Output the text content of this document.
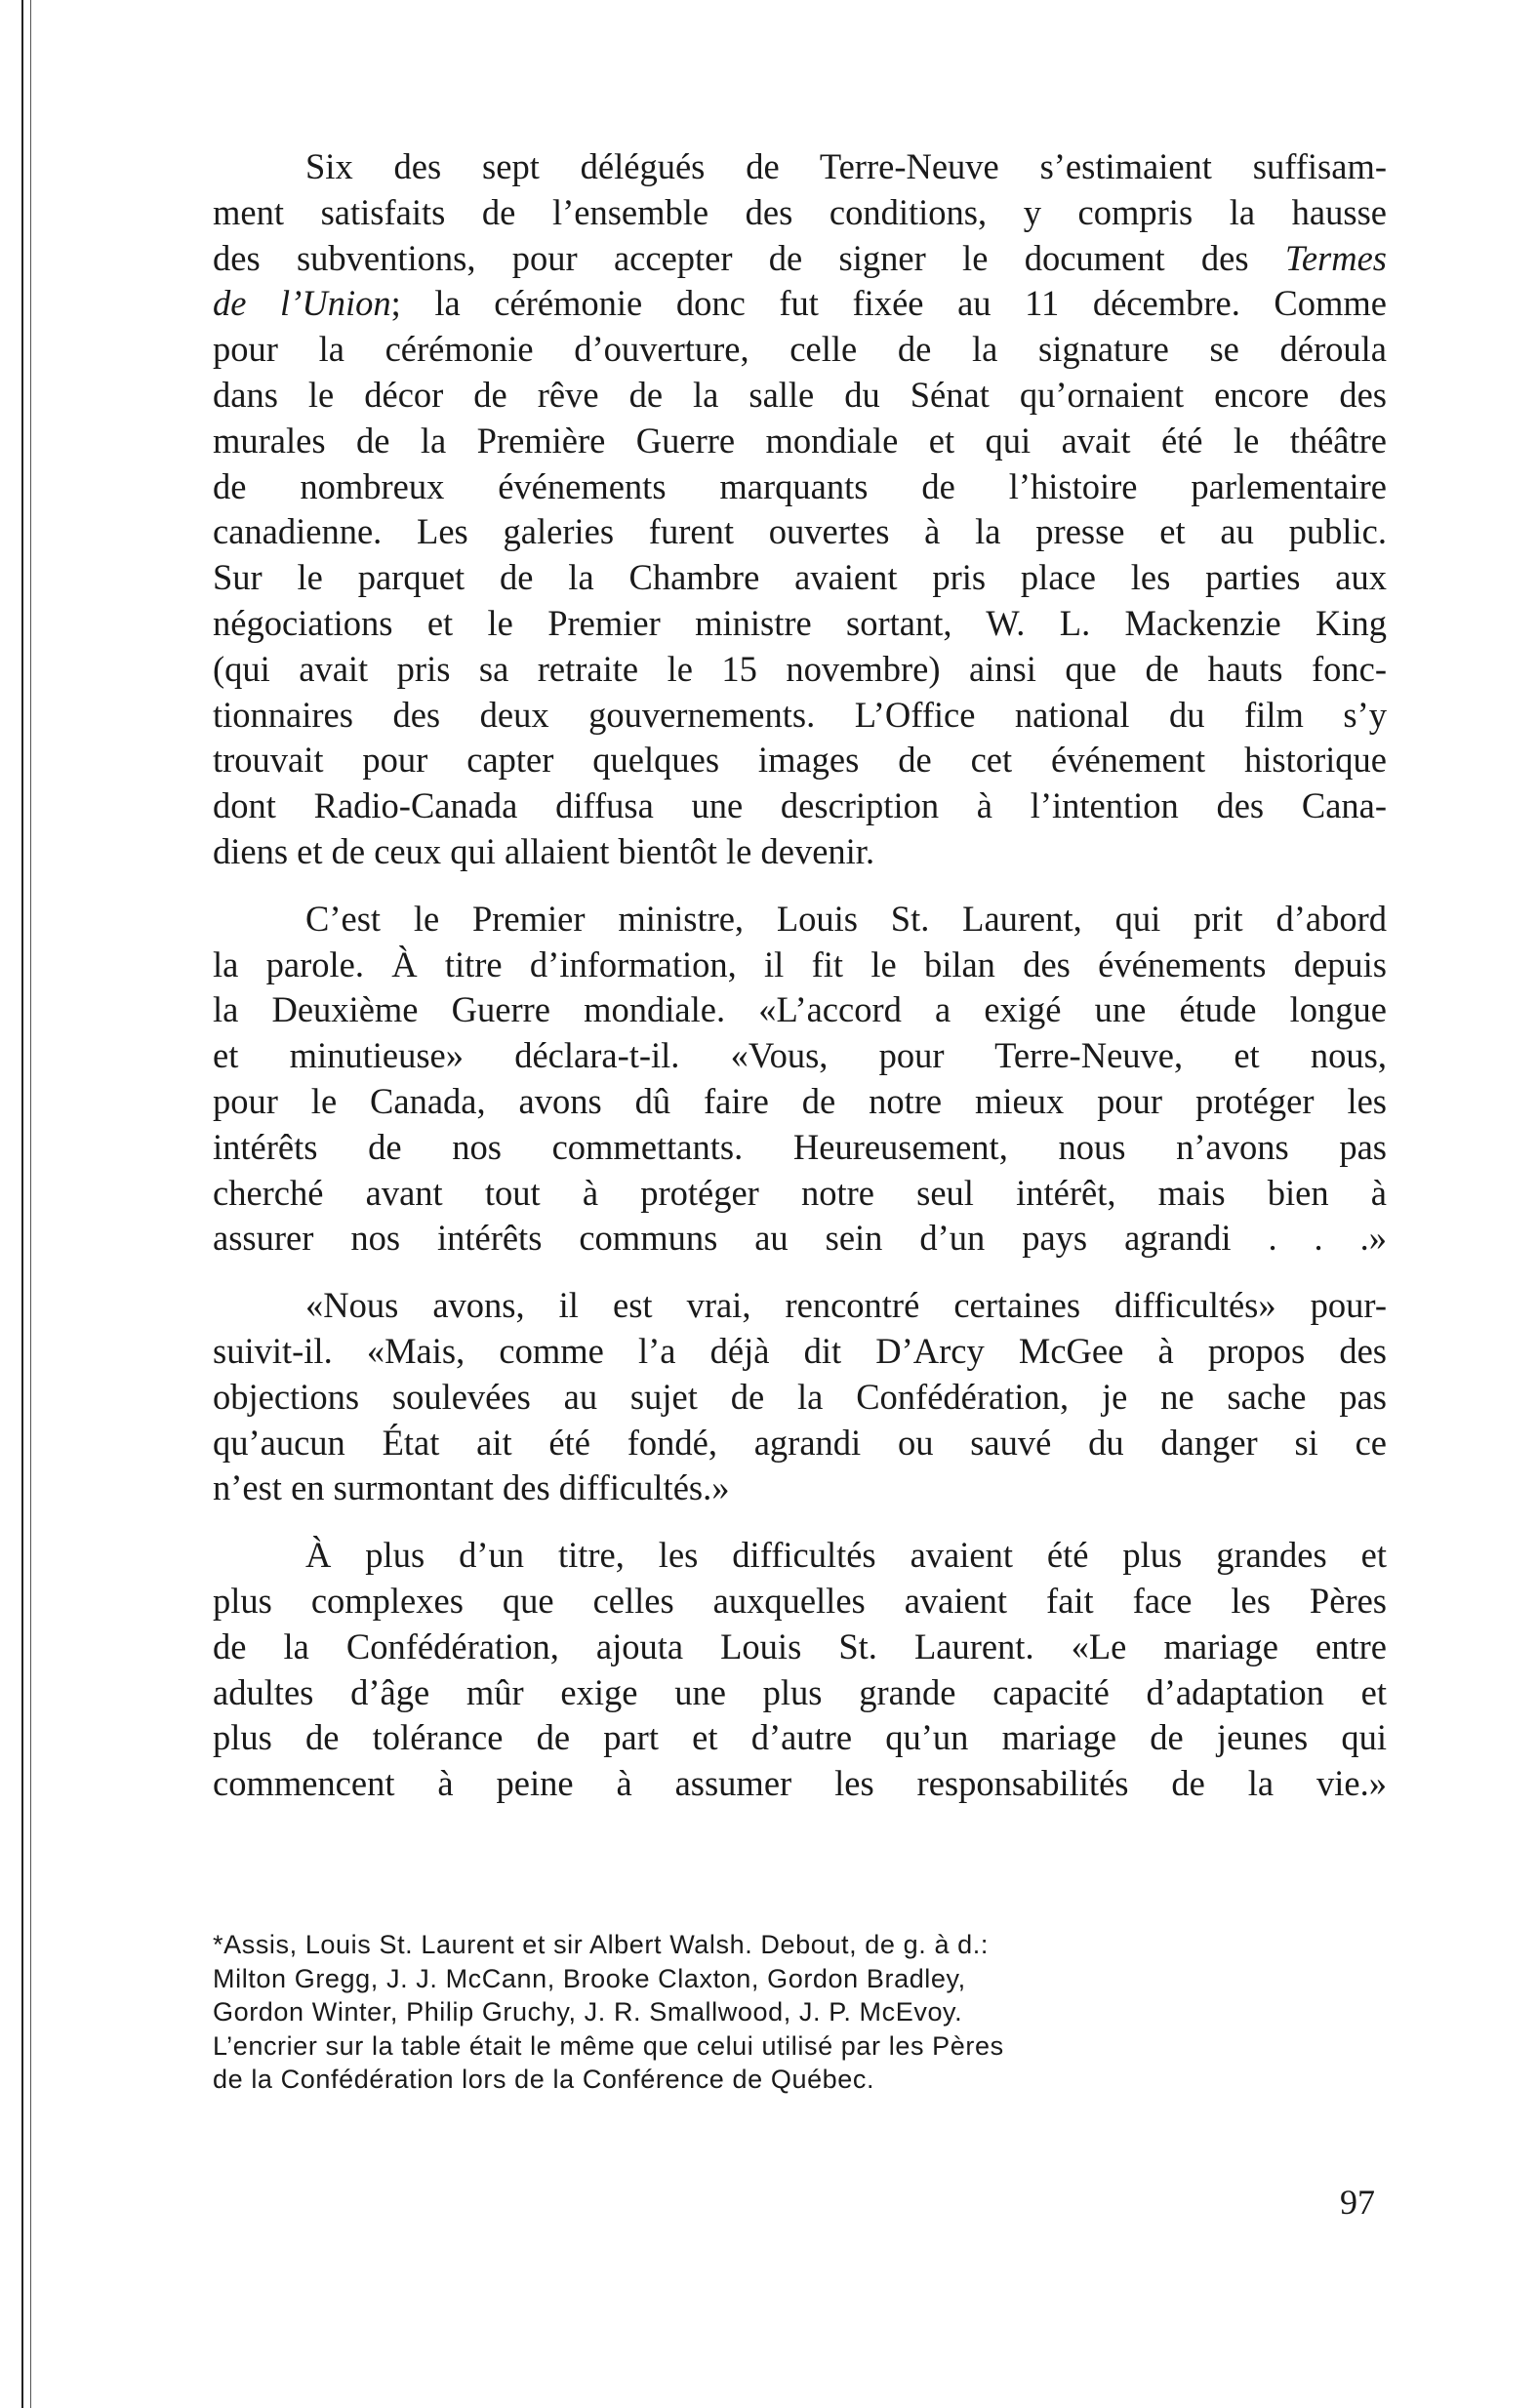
Six des sept délégués de Terre-Neuve s’estimaient suffisam-
ment satisfaits de l’ensemble des conditions, y compris la hausse
des subventions, pour accepter de signer le document des Termes
de l’Union; la cérémonie donc fut fixée au 11 décembre. Comme
pour la cérémonie d’ouverture, celle de la signature se déroula
dans le décor de rêve de la salle du Sénat qu’ornaient encore des
murales de la Première Guerre mondiale et qui avait été le théâtre
de nombreux événements marquants de l’histoire parlementaire
canadienne. Les galeries furent ouvertes à la presse et au public.
Sur le parquet de la Chambre avaient pris place les parties aux
négociations et le Premier ministre sortant, W. L. Mackenzie King
(qui avait pris sa retraite le 15 novembre) ainsi que de hauts fonc-
tionnaires des deux gouvernements. L’Office national du film s’y
trouvait pour capter quelques images de cet événement historique
dont Radio-Canada diffusa une description à l’intention des Cana-
diens et de ceux qui allaient bientôt le devenir.

C’est le Premier ministre, Louis St. Laurent, qui prit d’abord
la parole. À titre d’information, il fit le bilan des événements depuis
la Deuxième Guerre mondiale. «L’accord a exigé une étude longue
et minutieuse» déclara-t-il. «Vous, pour Terre-Neuve, et nous,
pour le Canada, avons dû faire de notre mieux pour protéger les
intérêts de nos commettants. Heureusement, nous n’avons pas
cherché avant tout à protéger notre seul intérêt, mais bien à
assurer nos intérêts communs au sein d’un pays agrandi . . .»

«Nous avons, il est vrai, rencontré certaines difficultés» pour-
suivit-il. «Mais, comme l’a déjà dit D’Arcy McGee à propos des
objections soulevées au sujet de la Confédération, je ne sache pas
qu’aucun État ait été fondé, agrandi ou sauvé du danger si ce
n’est en surmontant des difficultés.»

À plus d’un titre, les difficultés avaient été plus grandes et
plus complexes que celles auxquelles avaient fait face les Pères
de la Confédération, ajouta Louis St. Laurent. «Le mariage entre
adultes d’âge mûr exige une plus grande capacité d’adaptation et
plus de tolérance de part et d’autre qu’un mariage de jeunes qui
commencent à peine à assumer les responsabilités de la vie.»

*Assis, Louis St. Laurent et sir Albert Walsh. Debout, de g. à d.:
Milton Gregg, J. J. McCann, Brooke Claxton, Gordon Bradley,
Gordon Winter, Philip Gruchy, J. R. Smallwood, J. P. McEvoy.
L’encrier sur la table était le même que celui utilisé par les Pères
de la Confédération lors de la Conférence de Québec.
97
